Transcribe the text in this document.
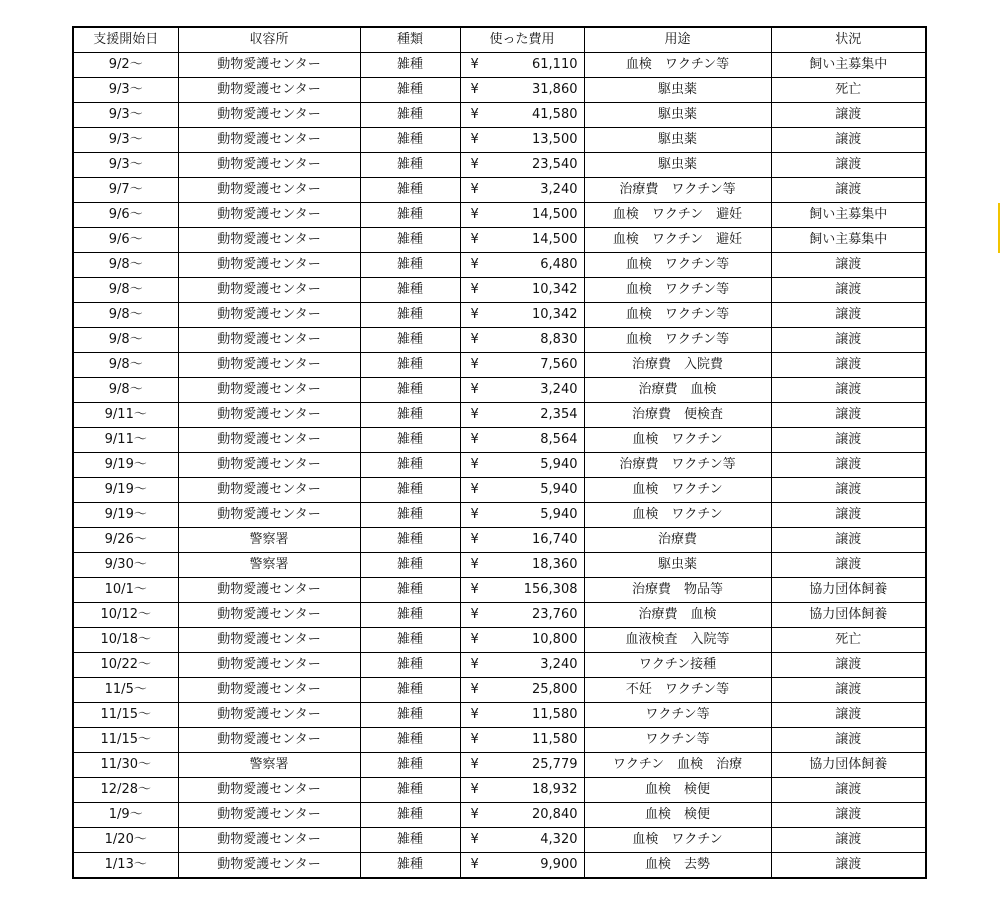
支援開始日	収容所	種類	使った費用	用途	状況
9/2～	動物愛護センター	雑種	¥ 61,110	血検　ワクチン等	飼い主募集中
9/3～	動物愛護センター	雑種	¥ 31,860	駆虫薬	死亡
9/3～	動物愛護センター	雑種	¥ 41,580	駆虫薬	譲渡
9/3～	動物愛護センター	雑種	¥ 13,500	駆虫薬	譲渡
9/3～	動物愛護センター	雑種	¥ 23,540	駆虫薬	譲渡
9/7～	動物愛護センター	雑種	¥ 3,240	治療費　ワクチン等	譲渡
9/6～	動物愛護センター	雑種	¥ 14,500	血検　ワクチン　避妊	飼い主募集中
9/6～	動物愛護センター	雑種	¥ 14,500	血検　ワクチン　避妊	飼い主募集中
9/8～	動物愛護センター	雑種	¥ 6,480	血検　ワクチン等	譲渡
9/8～	動物愛護センター	雑種	¥ 10,342	血検　ワクチン等	譲渡
9/8～	動物愛護センター	雑種	¥ 10,342	血検　ワクチン等	譲渡
9/8～	動物愛護センター	雑種	¥ 8,830	血検　ワクチン等	譲渡
9/8～	動物愛護センター	雑種	¥ 7,560	治療費　入院費	譲渡
9/8～	動物愛護センター	雑種	¥ 3,240	治療費　血検	譲渡
9/11～	動物愛護センター	雑種	¥ 2,354	治療費　便検査	譲渡
9/11～	動物愛護センター	雑種	¥ 8,564	血検　ワクチン	譲渡
9/19～	動物愛護センター	雑種	¥ 5,940	治療費　ワクチン等	譲渡
9/19～	動物愛護センター	雑種	¥ 5,940	血検　ワクチン	譲渡
9/19～	動物愛護センター	雑種	¥ 5,940	血検　ワクチン	譲渡
9/26～	警察署	雑種	¥ 16,740	治療費	譲渡
9/30～	警察署	雑種	¥ 18,360	駆虫薬	譲渡
10/1～	動物愛護センター	雑種	¥ 156,308	治療費　物品等	協力団体飼養
10/12～	動物愛護センター	雑種	¥ 23,760	治療費　血検	協力団体飼養
10/18～	動物愛護センター	雑種	¥ 10,800	血液検査　入院等	死亡
10/22～	動物愛護センター	雑種	¥ 3,240	ワクチン接種	譲渡
11/5～	動物愛護センター	雑種	¥ 25,800	不妊　ワクチン等	譲渡
11/15～	動物愛護センター	雑種	¥ 11,580	ワクチン等	譲渡
11/15～	動物愛護センター	雑種	¥ 11,580	ワクチン等	譲渡
11/30～	警察署	雑種	¥ 25,779	ワクチン　血検　治療	協力団体飼養
12/28～	動物愛護センター	雑種	¥ 18,932	血検　検便	譲渡
1/9～	動物愛護センター	雑種	¥ 20,840	血検　検便	譲渡
1/20～	動物愛護センター	雑種	¥ 4,320	血検　ワクチン	譲渡
1/13～	動物愛護センター	雑種	¥ 9,900	血検　去勢	譲渡
